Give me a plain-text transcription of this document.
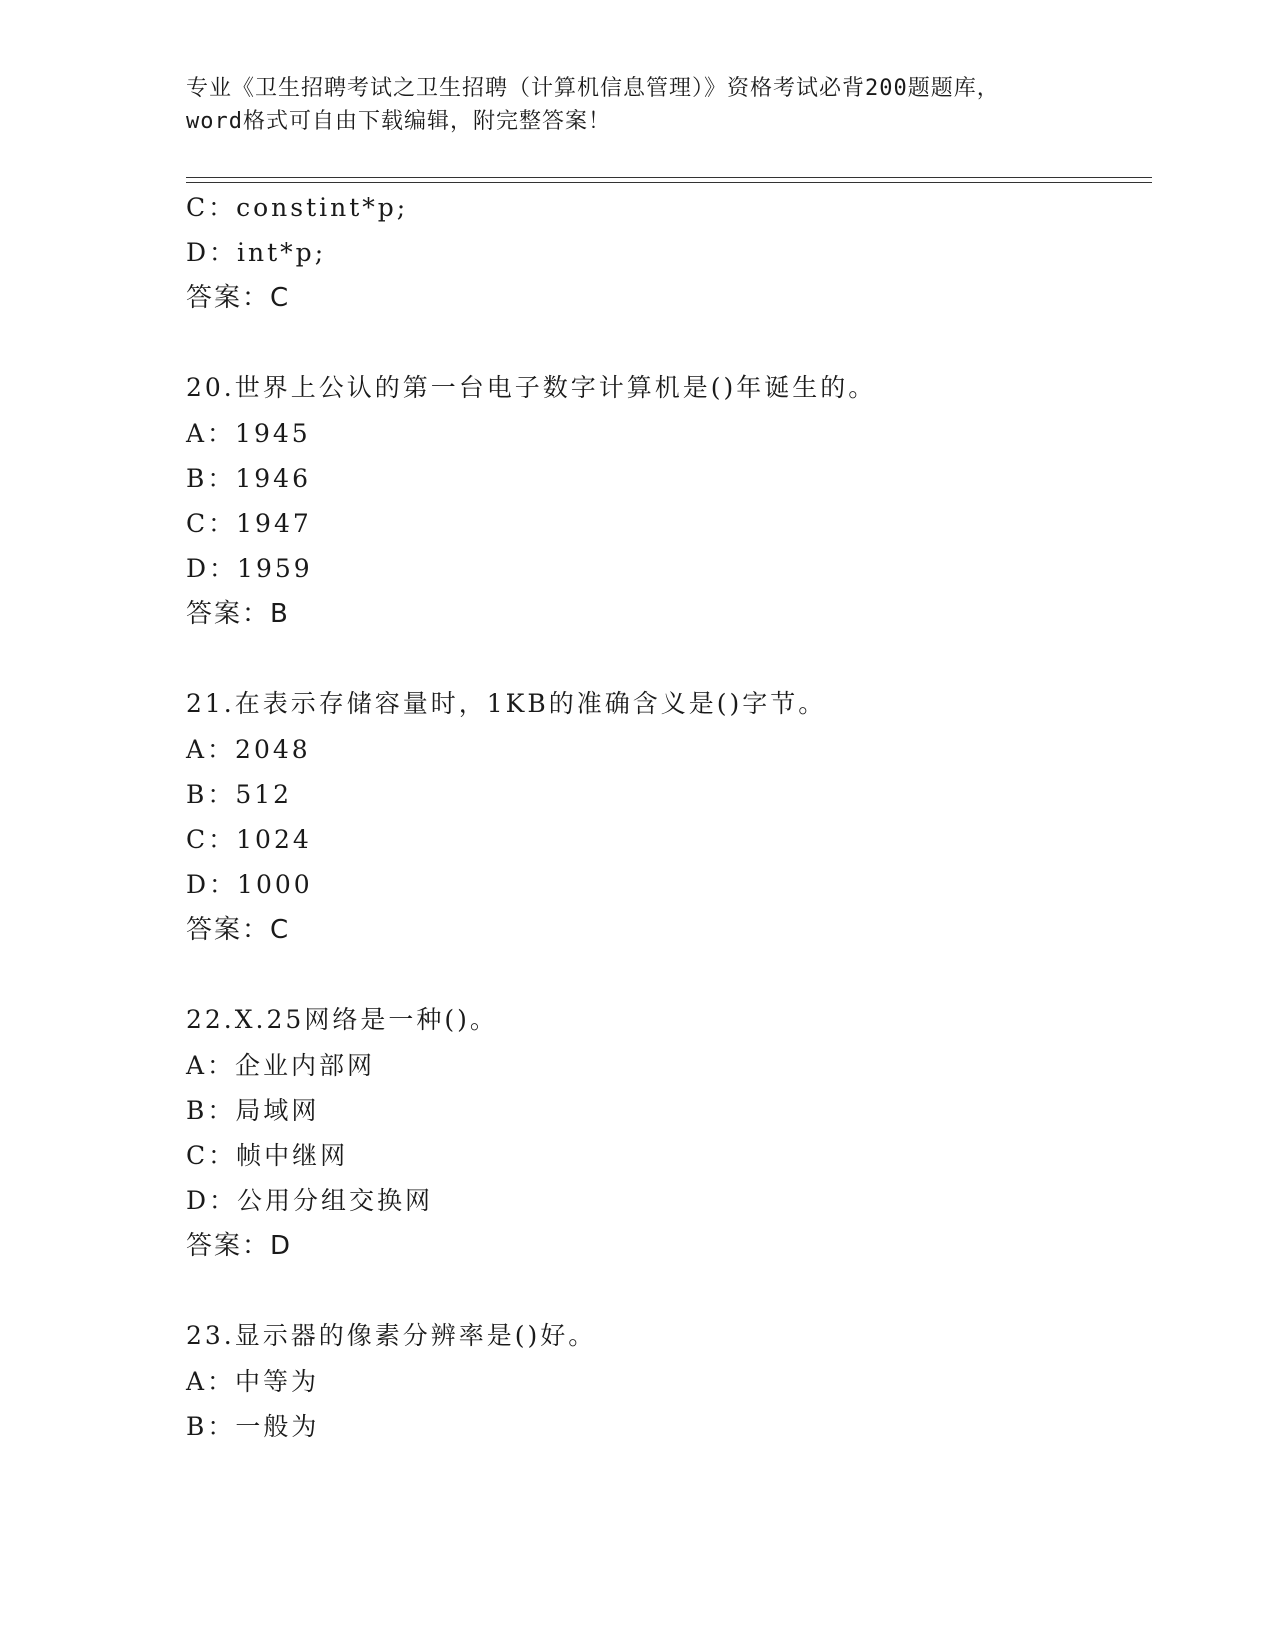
专业《卫生招聘考试之卫生招聘（计算机信息管理）》资格考试必背200题题库，
word格式可自由下载编辑，附完整答案！
C：constint*p;
D：int*p;
答案：C
20.世界上公认的第一台电子数字计算机是()年诞生的。
A：1945
B：1946
C：1947
D：1959
答案：B
21.在表示存储容量时，1KB的准确含义是()字节。
A：2048
B：512
C：1024
D：1000
答案：C
22.X.25网络是一种()。
A：企业内部网
B：局域网
C：帧中继网
D：公用分组交换网
答案：D
23.显示器的像素分辨率是()好。
A：中等为
B：一般为
